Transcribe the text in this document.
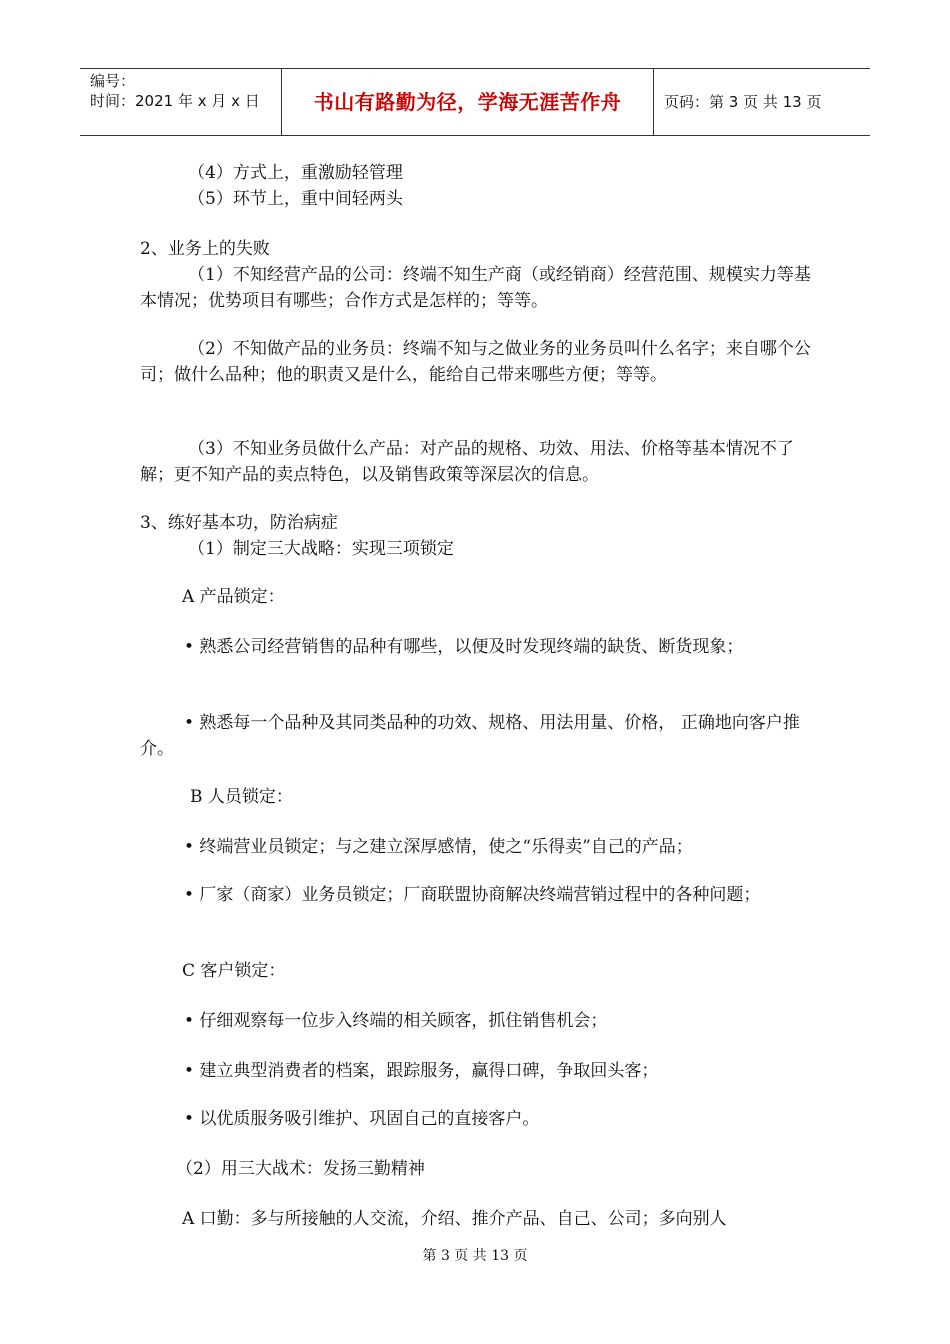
编号：
时间：2021 年 x 月 x 日	书山有路勤为径，学海无涯苦作舟	页码：第 3 页 共 13 页

（4）方式上，重激励轻管理

（5）环节上，重中间轻两头

2、业务上的失败

（1）不知经营产品的公司：终端不知生产商（或经销商）经营范围、规模实力等基本情况；优势项目有哪些；合作方式是怎样的；等等。

（2）不知做产品的业务员：终端不知与之做业务的业务员叫什么名字；来自哪个公司；做什么品种；他的职责又是什么，能给自己带来哪些方便；等等。

（3）不知业务员做什么产品：对产品的规格、功效、用法、价格等基本情况不了解；更不知产品的卖点特色，以及销售政策等深层次的信息。

3、练好基本功，防治病症

（1）制定三大战略：实现三项锁定

A 产品锁定：

• 熟悉公司经营销售的品种有哪些，以便及时发现终端的缺货、断货现象；

• 熟悉每一个品种及其同类品种的功效、规格、用法用量、价格， 正确地向客户推介。

B 人员锁定：

• 终端营业员锁定；与之建立深厚感情，使之“乐得卖”自己的产品；

• 厂家（商家）业务员锁定；厂商联盟协商解决终端营销过程中的各种问题；

C 客户锁定：

• 仔细观察每一位步入终端的相关顾客，抓住销售机会；

• 建立典型消费者的档案，跟踪服务，赢得口碑，争取回头客；

• 以优质服务吸引维护、巩固自己的直接客户。

（2）用三大战术：发扬三勤精神

A 口勤：多与所接触的人交流，介绍、推介产品、自己、公司；多向别人

第 3 页 共 13 页
